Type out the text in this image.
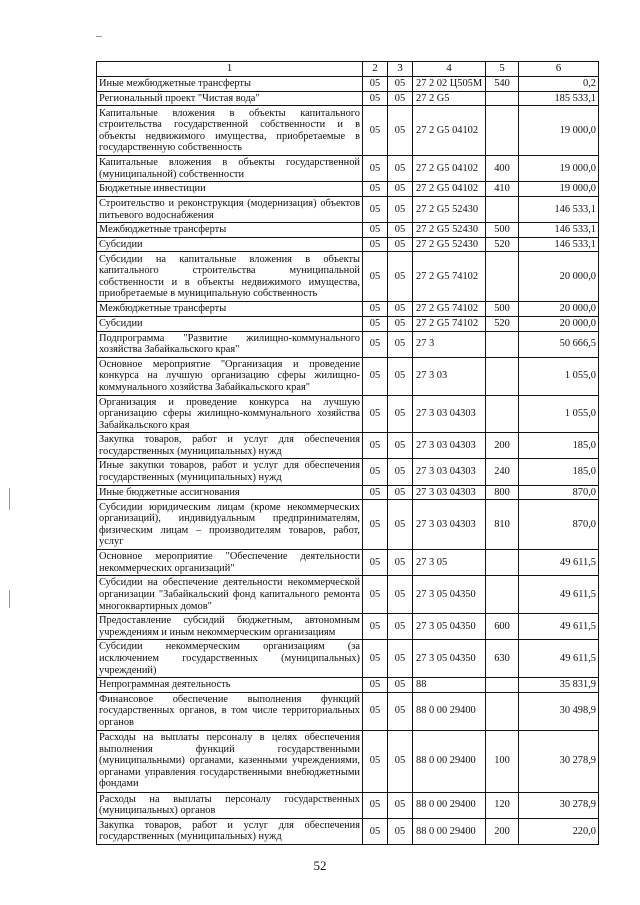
1	2	3	4	5	6
Иные межбюджетные трансферты	05	05	27 2 02 Ц505М	540	0,2
Региональный проект "Чистая вода"	05	05	27 2 G5		185 533,1
Капитальные вложения в объекты капитального строительства государственной собственности и в объекты недвижимого имущества, приобретаемые в государственную собственность	05	05	27 2 G5 04102		19 000,0
Капитальные вложения в объекты государственной (муниципальной) собственности	05	05	27 2 G5 04102	400	19 000,0
Бюджетные инвестиции	05	05	27 2 G5 04102	410	19 000,0
Строительство и реконструкция (модернизация) объектов питьевого водоснабжения	05	05	27 2 G5 52430		146 533,1
Межбюджетные трансферты	05	05	27 2 G5 52430	500	146 533,1
Субсидии	05	05	27 2 G5 52430	520	146 533,1
Субсидии на капитальные вложения в объекты капитального строительства муниципальной собственности и в объекты недвижимого имущества, приобретаемые в муниципальную собственность	05	05	27 2 G5 74102		20 000,0
Межбюджетные трансферты	05	05	27 2 G5 74102	500	20 000,0
Субсидии	05	05	27 2 G5 74102	520	20 000,0
Подпрограмма "Развитие жилищно-коммунального хозяйства Забайкальского края"	05	05	27 3		50 666,5
Основное мероприятие "Организация и проведение конкурса на лучшую организацию сферы жилищно-коммунального хозяйства Забайкальского края"	05	05	27 3 03		1 055,0
Организация и проведение конкурса на лучшую организацию сферы жилищно-коммунального хозяйства Забайкальского края	05	05	27 3 03 04303		1 055,0
Закупка товаров, работ и услуг для обеспечения государственных (муниципальных) нужд	05	05	27 3 03 04303	200	185,0
Иные закупки товаров, работ и услуг для обеспечения государственных (муниципальных) нужд	05	05	27 3 03 04303	240	185,0
Иные бюджетные ассигнования	05	05	27 3 03 04303	800	870,0
Субсидии юридическим лицам (кроме некоммерческих организаций), индивидуальным предпринимателям, физическим лицам – производителям товаров, работ, услуг	05	05	27 3 03 04303	810	870,0
Основное мероприятие "Обеспечение деятельности некоммерческих организаций"	05	05	27 3 05		49 611,5
Субсидии на обеспечение деятельности некоммерческой организации "Забайкальский фонд капитального ремонта многоквартирных домов"	05	05	27 3 05 04350		49 611,5
Предоставление субсидий бюджетным, автономным учреждениям и иным некоммерческим организациям	05	05	27 3 05 04350	600	49 611,5
Субсидии некоммерческим организациям (за исключением государственных (муниципальных) учреждений)	05	05	27 3 05 04350	630	49 611,5
Непрограммная деятельность	05	05	88		35 831,9
Финансовое обеспечение выполнения функций государственных органов, в том числе территориальных органов	05	05	88 0 00 29400		30 498,9
Расходы на выплаты персоналу в целях обеспечения выполнения функций государственными (муниципальными) органами, казенными учреждениями, органами управления государственными внебюджетными фондами	05	05	88 0 00 29400	100	30 278,9
Расходы на выплаты персоналу государственных (муниципальных) органов	05	05	88 0 00 29400	120	30 278,9
Закупка товаров, работ и услуг для обеспечения государственных (муниципальных) нужд	05	05	88 0 00 29400	200	220,0
52
